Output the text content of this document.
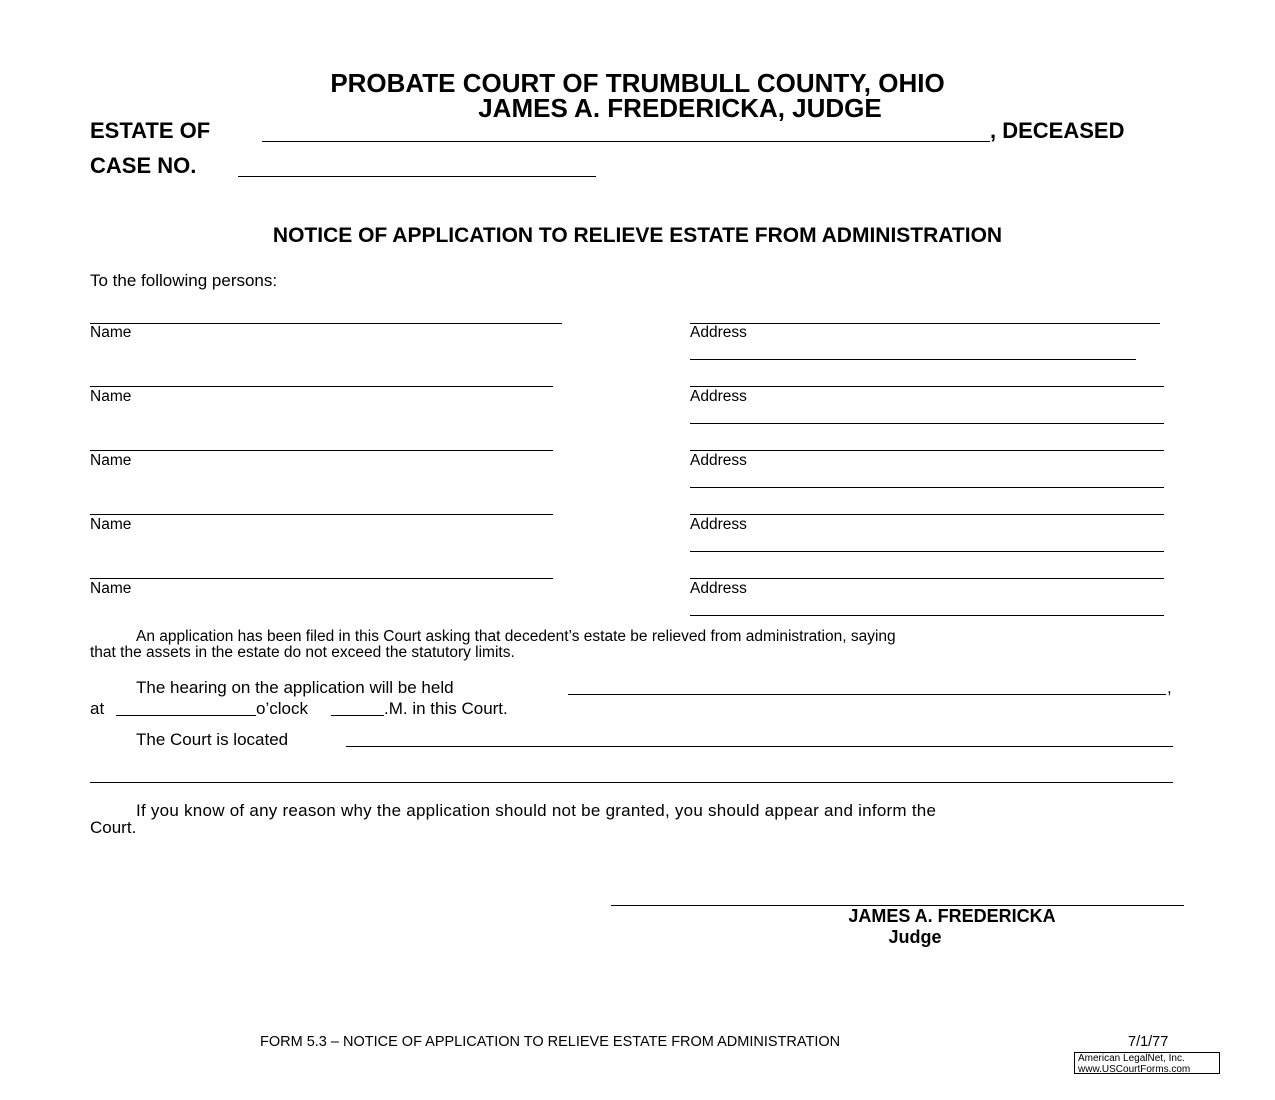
PROBATE COURT OF TRUMBULL COUNTY, OHIO
JAMES A. FREDERICKA, JUDGE
ESTATE OF	, DECEASED
CASE NO.
NOTICE OF APPLICATION TO RELIEVE ESTATE FROM ADMINISTRATION
To the following persons:
Name	Address
Name	Address
Name	Address
Name	Address
Name	Address
An application has been filed in this Court asking that decedent’s estate be relieved from administration, saying
that the assets in the estate do not exceed the statutory limits.
The hearing on the application will be held	,
at	o’clock	.M. in this Court.
The Court is located
If you know of any reason why the application should not be granted, you should appear and inform the
Court.
JAMES A. FREDERICKA
Judge
FORM 5.3 – NOTICE OF APPLICATION TO RELIEVE ESTATE FROM ADMINISTRATION	7/1/77
American LegalNet, Inc.
www.USCourtForms.com
